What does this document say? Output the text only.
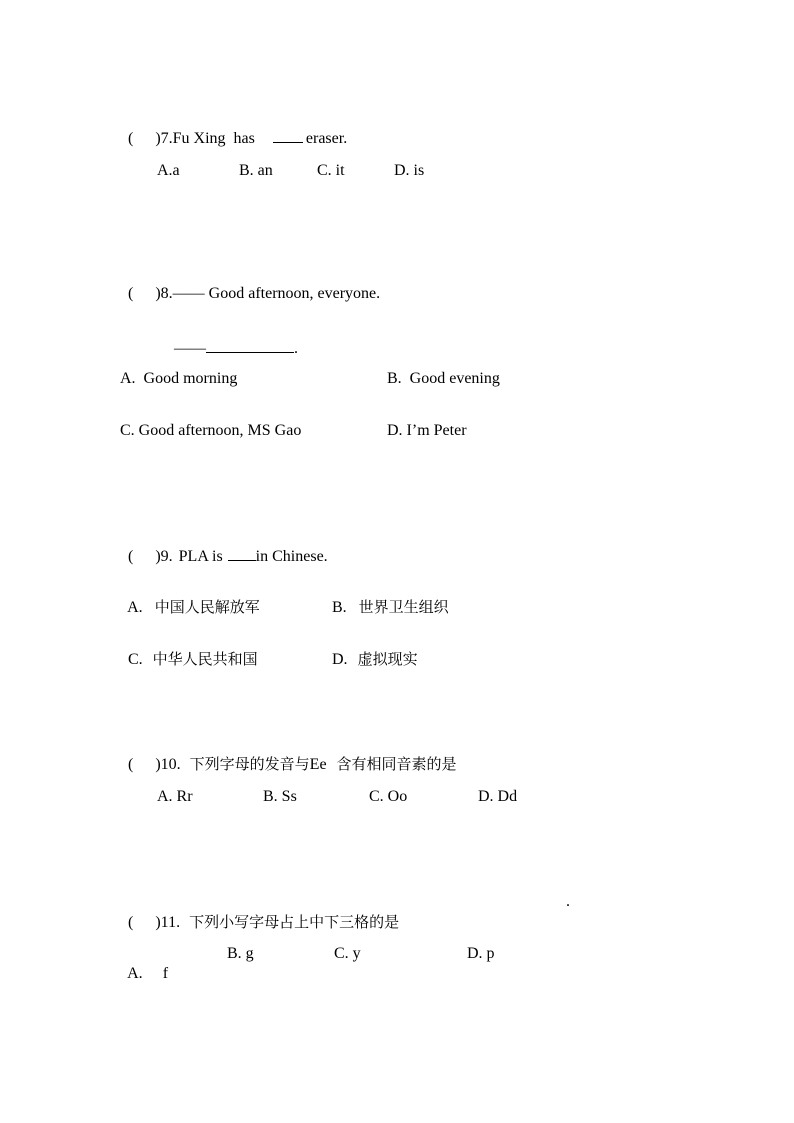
( )7.Fu Xing  has	eraser.

A.a	B. an	C. it	D. is

( )8.—— Good afternoon, everyone.

——	.

A.  Good morning	B.  Good evening
C. Good afternoon, MS Gao	D. I’m Peter

( )9. PLA is in Chinese.

A. 中国人民解放军	B. 世界卫生组织

C. 中华人民共和国	D. 虚拟现实

( )10. 下列字母的发音与Ee 含有相同音素的是

A. Rr	B. Ss	C. Oo	D. Dd

( )11. 下列小写字母占上中下三格的是

.

A. f

B. g	C. y	D. p
